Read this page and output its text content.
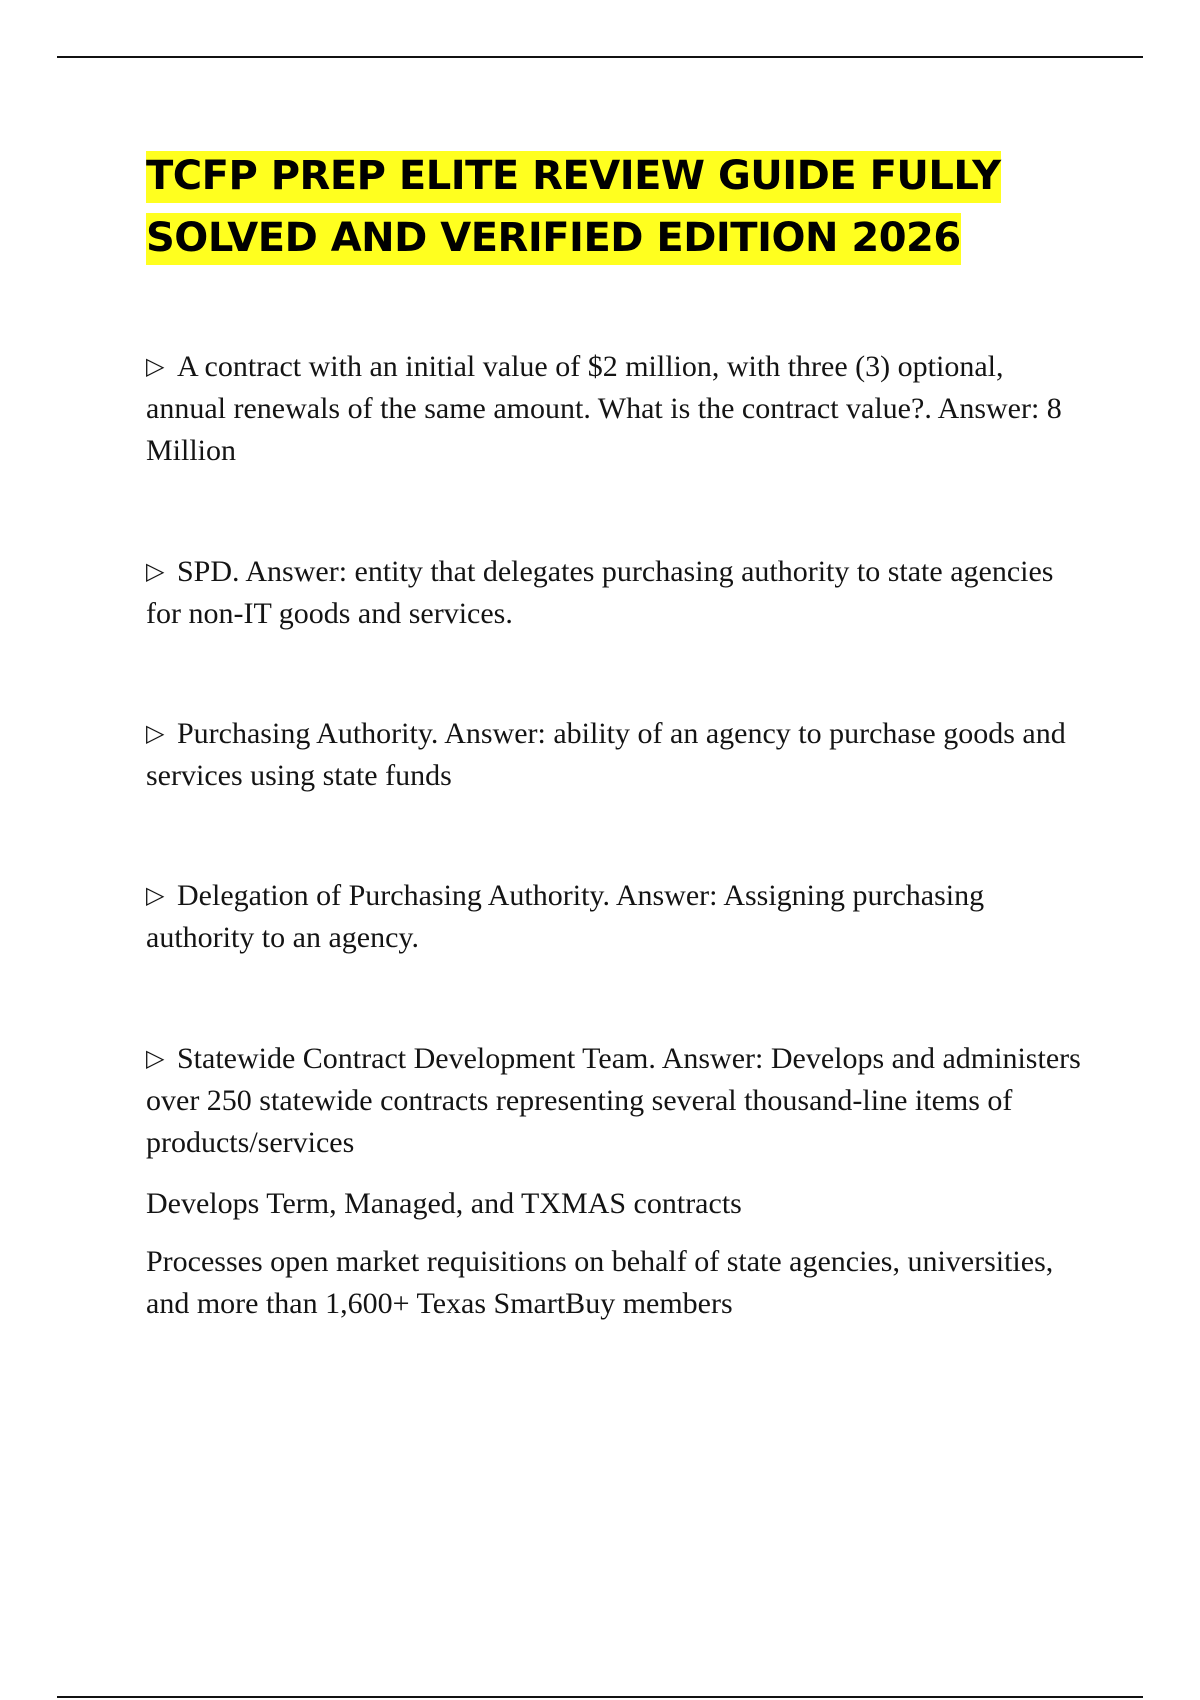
TCFP PREP ELITE REVIEW GUIDE FULLY SOLVED AND VERIFIED EDITION 2026

▷ A contract with an initial value of $2 million, with three (3) optional, annual renewals of the same amount. What is the contract value?. Answer: 8 Million

▷ SPD. Answer: entity that delegates purchasing authority to state agencies for non-IT goods and services.

▷ Purchasing Authority. Answer: ability of an agency to purchase goods and services using state funds

▷ Delegation of Purchasing Authority. Answer: Assigning purchasing authority to an agency.

▷ Statewide Contract Development Team. Answer: Develops and administers over 250 statewide contracts representing several thousand-line items of products/services

Develops Term, Managed, and TXMAS contracts

Processes open market requisitions on behalf of state agencies, universities, and more than 1,600+ Texas SmartBuy members
